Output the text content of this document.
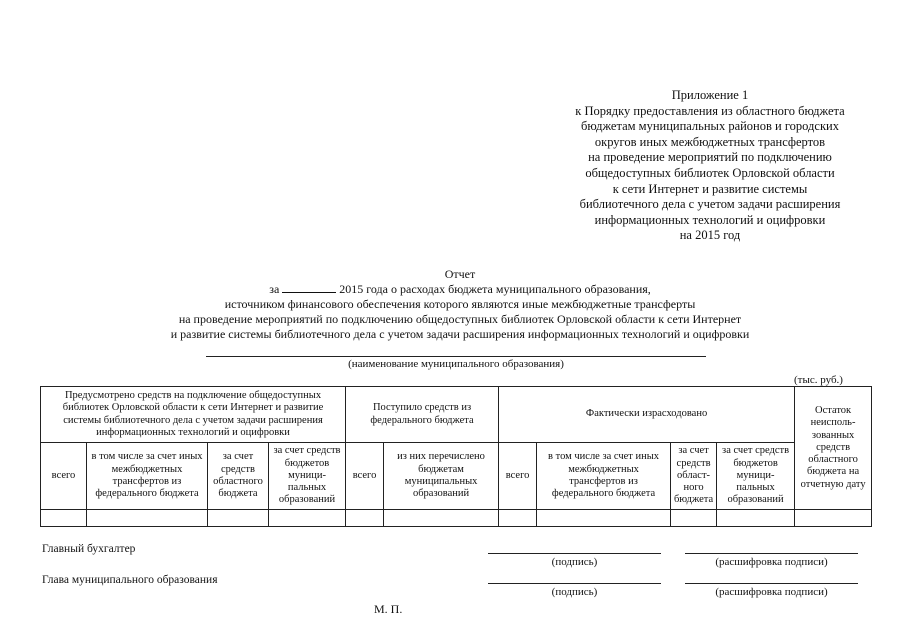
Приложение 1
к Порядку предоставления из областного бюджета
бюджетам муниципальных районов и городских
округов иных межбюджетных трансфертов
на проведение мероприятий по подключению
общедоступных библиотек Орловской области
к сети Интернет и развитие системы
библиотечного дела с учетом задачи расширения
информационных технологий и оцифровки
на 2015 год
Отчет
за	2015 года о расходах бюджета муниципального образования,
источником финансового обеспечения которого являются иные межбюджетные трансферты
на проведение мероприятий по подключению общедоступных библиотек Орловской области к сети Интернет
и развитие системы библиотечного дела с учетом задачи расширения информационных технологий и оцифровки
(наименование муниципального образования)
(тыс. руб.)
Предусмотрено средств на подключение общедоступных библиотек Орловской области к сети Интернет и развитие системы библиотечного дела с учетом задачи расширения информационных технологий и оцифровки				Поступило средств из федерального бюджета		Фактически израсходовано				Остаток неисполь-зованных средств областного бюджета на отчетную дату
всего	в том числе за счет иных межбюджетных трансфертов из федерального бюджета	за счет средств областного бюджета	за счет средств бюджетов муници-пальных образований	всего	из них перечислено бюджетам муниципальных образований	всего	в том числе за счет иных межбюджетных трансфертов из федерального бюджета	за счет средств област-ного бюджета	за счет средств бюджетов муници-пальных образований	

Главный бухгалтер
(подпись)	(расшифровка подписи)
Глава муниципального образования
(подпись)	(расшифровка подписи)
М. П.
